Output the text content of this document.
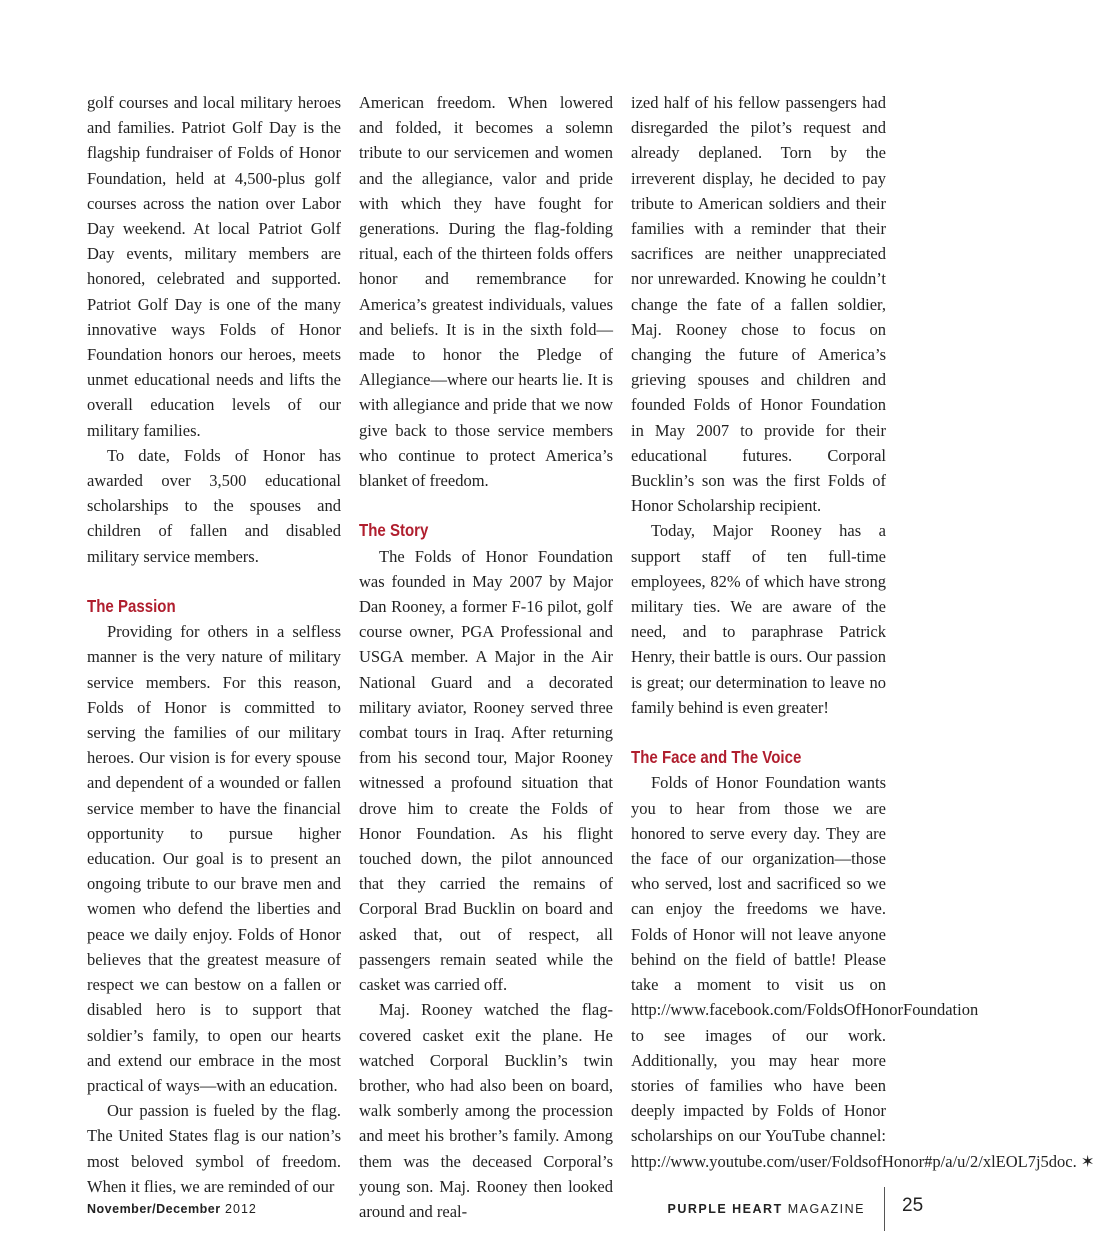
golf courses and local military heroes and families. Patriot Golf Day is the flagship fundraiser of Folds of Honor Foundation, held at 4,500-plus golf courses across the nation over Labor Day weekend. At local Patriot Golf Day events, military members are honored, celebrated and supported. Patriot Golf Day is one of the many innovative ways Folds of Honor Foundation honors our heroes, meets unmet educational needs and lifts the overall education levels of our military families.

To date, Folds of Honor has awarded over 3,500 educational scholarships to the spouses and children of fallen and disabled military service members.

The Passion

Providing for others in a selfless manner is the very nature of military service members. For this reason, Folds of Honor is committed to serving the families of our military heroes. Our vision is for every spouse and dependent of a wounded or fallen service member to have the financial opportunity to pursue higher education. Our goal is to present an ongoing tribute to our brave men and women who defend the liberties and peace we daily enjoy. Folds of Honor believes that the greatest measure of respect we can bestow on a fallen or disabled hero is to support that soldier’s family, to open our hearts and extend our embrace in the most practical of ways—with an education.

Our passion is fueled by the flag. The United States flag is our nation’s most beloved symbol of freedom. When it flies, we are reminded of our

American freedom. When lowered and folded, it becomes a solemn tribute to our servicemen and women and the allegiance, valor and pride with which they have fought for generations. During the flag-folding ritual, each of the thirteen folds offers honor and remembrance for America’s greatest individuals, values and beliefs. It is in the sixth fold—made to honor the Pledge of Allegiance—where our hearts lie. It is with allegiance and pride that we now give back to those service members who continue to protect America’s blanket of freedom.

The Story

The Folds of Honor Foundation was founded in May 2007 by Major Dan Rooney, a former F-16 pilot, golf course owner, PGA Professional and USGA member. A Major in the Air National Guard and a decorated military aviator, Rooney served three combat tours in Iraq. After returning from his second tour, Major Rooney witnessed a profound situation that drove him to create the Folds of Honor Foundation. As his flight touched down, the pilot announced that they carried the remains of Corporal Brad Bucklin on board and asked that, out of respect, all passengers remain seated while the casket was carried off.

Maj. Rooney watched the flag-covered casket exit the plane. He watched Corporal Bucklin’s twin brother, who had also been on board, walk somberly among the procession and meet his brother’s family. Among them was the deceased Corporal’s young son. Maj. Rooney then looked around and real-

ized half of his fellow passengers had disregarded the pilot’s request and already deplaned. Torn by the irreverent display, he decided to pay tribute to American soldiers and their families with a reminder that their sacrifices are neither unappreciated nor unrewarded. Knowing he couldn’t change the fate of a fallen soldier, Maj. Rooney chose to focus on changing the future of America’s grieving spouses and children and founded Folds of Honor Foundation in May 2007 to provide for their educational futures. Corporal Bucklin’s son was the first Folds of Honor Scholarship recipient.

Today, Major Rooney has a support staff of ten full-time employees, 82% of which have strong military ties. We are aware of the need, and to paraphrase Patrick Henry, their battle is ours. Our passion is great; our determination to leave no family behind is even greater!

The Face and The Voice

Folds of Honor Foundation wants you to hear from those we are honored to serve every day. They are the face of our organization—those who served, lost and sacrificed so we can enjoy the freedoms we have. Folds of Honor will not leave anyone behind on the field of battle! Please take a moment to visit us on http://www.facebook.com/FoldsOfHonorFoundation to see images of our work. Additionally, you may hear more stories of families who have been deeply impacted by Folds of Honor scholarships on our YouTube channel: http://www.youtube.com/user/FoldsofHonor#p/a/u/2/xlEOL7j5doc. ✶

November/December 2012	PURPLE HEART MAGAZINE 25
